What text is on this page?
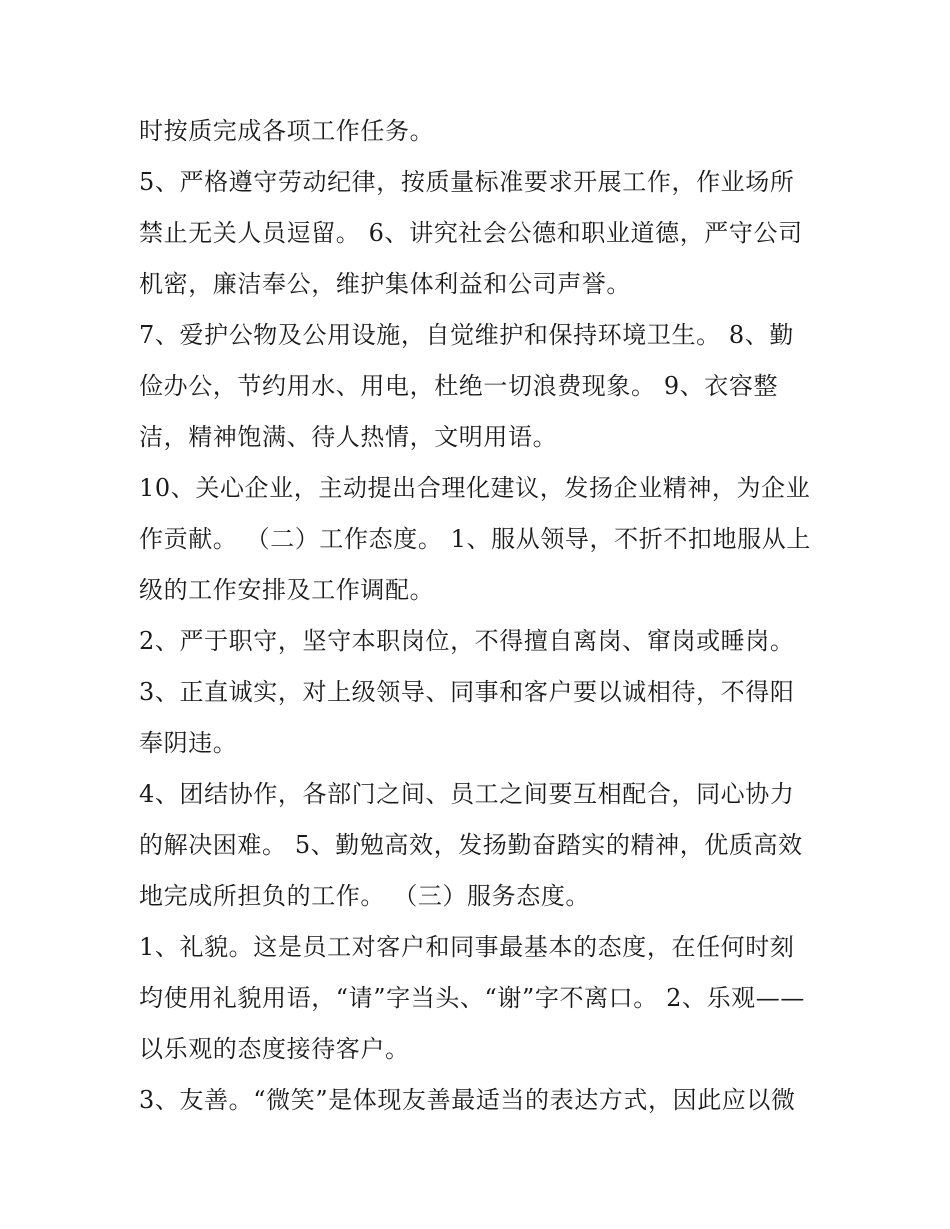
时按质完成各项工作任务。
5、严格遵守劳动纪律，按质量标准要求开展工作，作业场所
禁止无关人员逗留。 6、讲究社会公德和职业道德，严守公司
机密，廉洁奉公，维护集体利益和公司声誉。
7、爱护公物及公用设施，自觉维护和保持环境卫生。 8、勤
俭办公，节约用水、用电，杜绝一切浪费现象。 9、衣容整
洁，精神饱满、待人热情，文明用语。
10、关心企业，主动提出合理化建议，发扬企业精神，为企业
作贡献。 （二）工作态度。 1、服从领导，不折不扣地服从上
级的工作安排及工作调配。
2、严于职守，坚守本职岗位，不得擅自离岗、窜岗或睡岗。
3、正直诚实，对上级领导、同事和客户要以诚相待，不得阳
奉阴违。
4、团结协作，各部门之间、员工之间要互相配合，同心协力
的解决困难。 5、勤勉高效，发扬勤奋踏实的精神，优质高效
地完成所担负的工作。 （三）服务态度。
1、礼貌。这是员工对客户和同事最基本的态度，在任何时刻
均使用礼貌用语，“请”字当头、“谢”字不离口。 2、乐观——
以乐观的态度接待客户。
3、友善。“微笑”是体现友善最适当的表达方式，因此应以微
